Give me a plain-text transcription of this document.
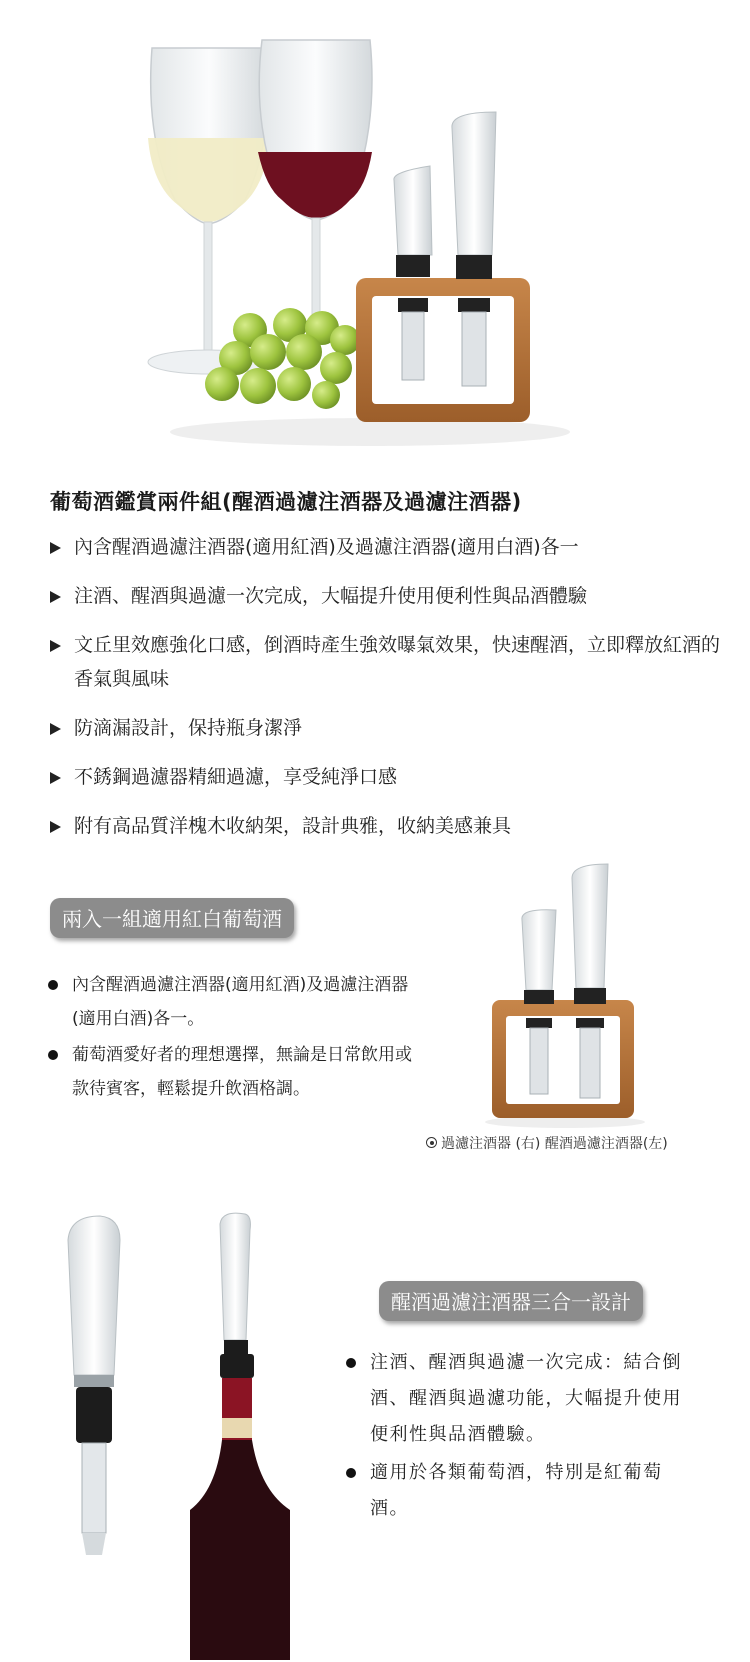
葡萄酒鑑賞兩件組(醒酒過濾注酒器及過濾注酒器)
內含醒酒過濾注酒器(適用紅酒)及過濾注酒器(適用白酒)各一
注酒、醒酒與過濾一次完成，大幅提升使用便利性與品酒體驗
文丘里效應強化口感，倒酒時產生強效曝氣效果，快速醒酒，立即釋放紅酒的香氣與風味
防滴漏設計，保持瓶身潔淨
不銹鋼過濾器精細過濾，享受純淨口感
附有高品質洋槐木收納架，設計典雅，收納美感兼具
兩入一組適用紅白葡萄酒
內含醒酒過濾注酒器(適用紅酒)及過濾注酒器(適用白酒)各一。
葡萄酒愛好者的理想選擇，無論是日常飲用或款待賓客，輕鬆提升飲酒格調。
過濾注酒器 (右) 醒酒過濾注酒器(左)
醒酒過濾注酒器三合一設計
注酒、醒酒與過濾一次完成：結合倒酒、醒酒與過濾功能，大幅提升使用便利性與品酒體驗。
適用於各類葡萄酒，特別是紅葡萄酒。
